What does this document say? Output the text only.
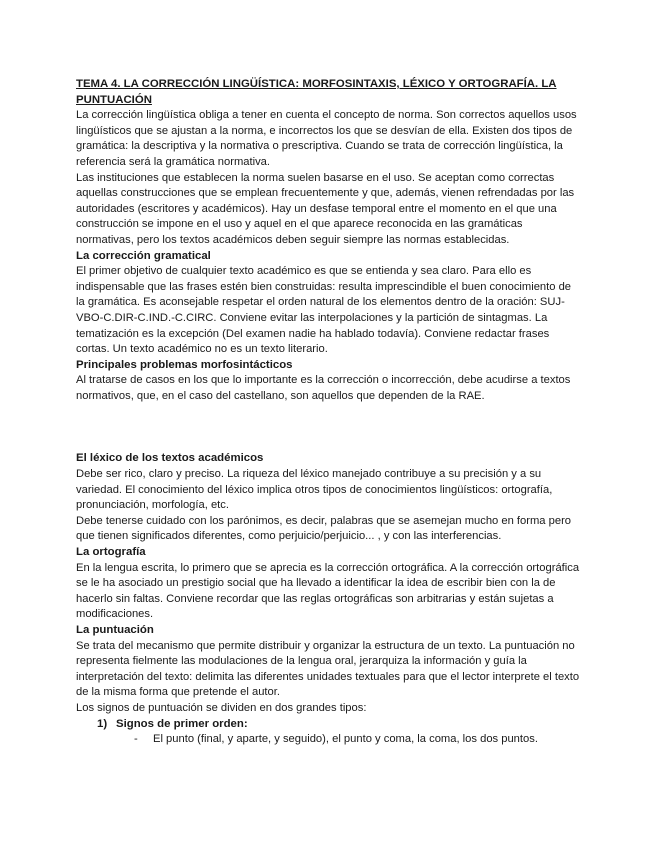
TEMA 4. LA CORRECCIÓN LINGÜÍSTICA: MORFOSINTAXIS, LÉXICO Y ORTOGRAFÍA. LA PUNTUACIÓN

La corrección lingüística obliga a tener en cuenta el concepto de norma. Son correctos aquellos usos lingüísticos que se ajustan a la norma, e incorrectos los que se desvían de ella. Existen dos tipos de gramática: la descriptiva y la normativa o prescriptiva. Cuando se trata de corrección lingüística, la referencia será la gramática normativa.

Las instituciones que establecen la norma suelen basarse en el uso. Se aceptan como correctas aquellas construcciones que se emplean frecuentemente y que, además, vienen refrendadas por las autoridades (escritores y académicos). Hay un desfase temporal entre el momento en el que una construcción se impone en el uso y aquel en el que aparece reconocida en las gramáticas normativas, pero los textos académicos deben seguir siempre las normas establecidas.

La corrección gramatical

El primer objetivo de cualquier texto académico es que se entienda y sea claro. Para ello es indispensable que las frases estén bien construidas: resulta imprescindible el buen conocimiento de la gramática. Es aconsejable respetar el orden natural de los elementos dentro de la oración: SUJ-VBO-C.DIR-C.IND.-C.CIRC. Conviene evitar las interpolaciones y la partición de sintagmas. La tematización es la excepción (Del examen nadie ha hablado todavía). Conviene redactar frases cortas. Un texto académico no es un texto literario.

Principales problemas morfosintácticos

Al tratarse de casos en los que lo importante es la corrección o incorrección, debe acudirse a textos normativos, que, en el caso del castellano, son aquellos que dependen de la RAE.

El léxico de los textos académicos

Debe ser rico, claro y preciso. La riqueza del léxico manejado contribuye a su precisión y a su variedad. El conocimiento del léxico implica otros tipos de conocimientos lingüísticos: ortografía, pronunciación, morfología, etc.

Debe tenerse cuidado con los parónimos, es decir, palabras que se asemejan mucho en forma pero que tienen significados diferentes, como perjuicio/perjuicio... , y con las interferencias.

La ortografía

En la lengua escrita, lo primero que se aprecia es la corrección ortográfica. A la corrección ortográfica se le ha asociado un prestigio social que ha llevado a identificar la idea de escribir bien con la de hacerlo sin faltas. Conviene recordar que las reglas ortográficas son arbitrarias y están sujetas a modificaciones.

La puntuación

Se trata del mecanismo que permite distribuir y organizar la estructura de un texto. La puntuación no representa fielmente las modulaciones de la lengua oral, jerarquiza la información y guía la interpretación del texto: delimita las diferentes unidades textuales para que el lector interprete el texto de la misma forma que pretende el autor.

Los signos de puntuación se dividen en dos grandes tipos:

1) Signos de primer orden:
-	El punto (final, y aparte, y seguido), el punto y coma, la coma, los dos puntos.
